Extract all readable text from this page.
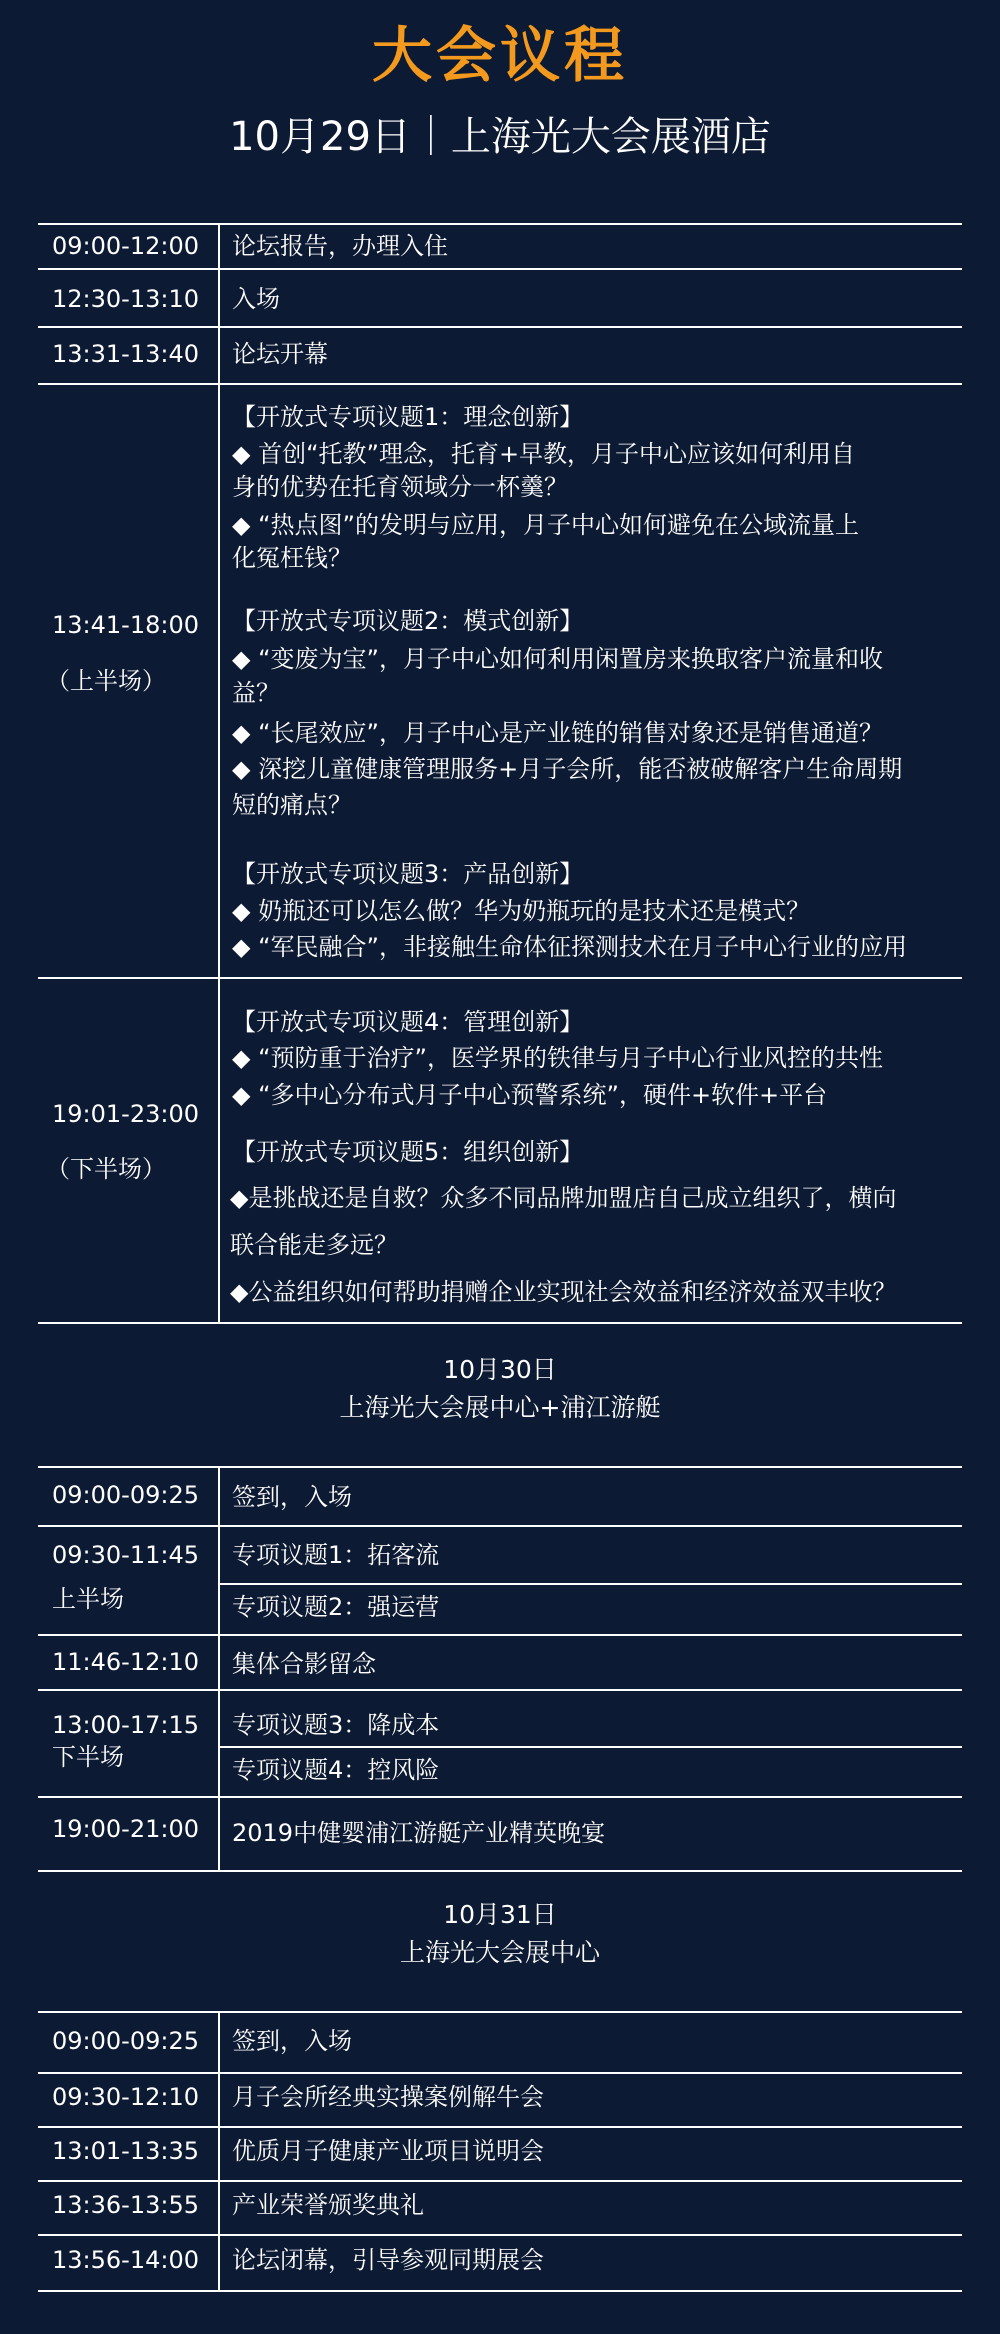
大会议程
10月29日｜上海光大会展酒店
09:00-12:00 论坛报告，办理入住
12:30-13:10 入场
13:31-13:40 论坛开幕
13:41-18:00
（上半场）
【开放式专项议题1：理念创新】
◆ 首创“托教”理念，托育+早教，月子中心应该如何利用自
身的优势在托育领域分一杯羹？
◆ “热点图”的发明与应用，月子中心如何避免在公域流量上
化冤枉钱？
【开放式专项议题2：模式创新】
◆ “变废为宝”，月子中心如何利用闲置房来换取客户流量和收
益？
◆ “长尾效应”，月子中心是产业链的销售对象还是销售通道？
◆ 深挖儿童健康管理服务+月子会所，能否被破解客户生命周期
短的痛点？
【开放式专项议题3：产品创新】
◆ 奶瓶还可以怎么做？华为奶瓶玩的是技术还是模式？
◆ “军民融合”，非接触生命体征探测技术在月子中心行业的应用
19:01-23:00
（下半场）
【开放式专项议题4：管理创新】
◆ “预防重于治疗”，医学界的铁律与月子中心行业风控的共性
◆ “多中心分布式月子中心预警系统”，硬件+软件+平台
【开放式专项议题5：组织创新】
◆是挑战还是自救？众多不同品牌加盟店自己成立组织了，横向
联合能走多远？
◆公益组织如何帮助捐赠企业实现社会效益和经济效益双丰收？
10月30日
上海光大会展中心+浦江游艇
09:00-09:25 签到，入场
09:30-11:45
上半场
专项议题1：拓客流
专项议题2：强运营
11:46-12:10 集体合影留念
13:00-17:15
下半场
专项议题3：降成本
专项议题4：控风险
19:00-21:00 2019中健婴浦江游艇产业精英晚宴
10月31日
上海光大会展中心
09:00-09:25 签到，入场
09:30-12:10 月子会所经典实操案例解牛会
13:01-13:35 优质月子健康产业项目说明会
13:36-13:55 产业荣誉颁奖典礼
13:56-14:00 论坛闭幕，引导参观同期展会
